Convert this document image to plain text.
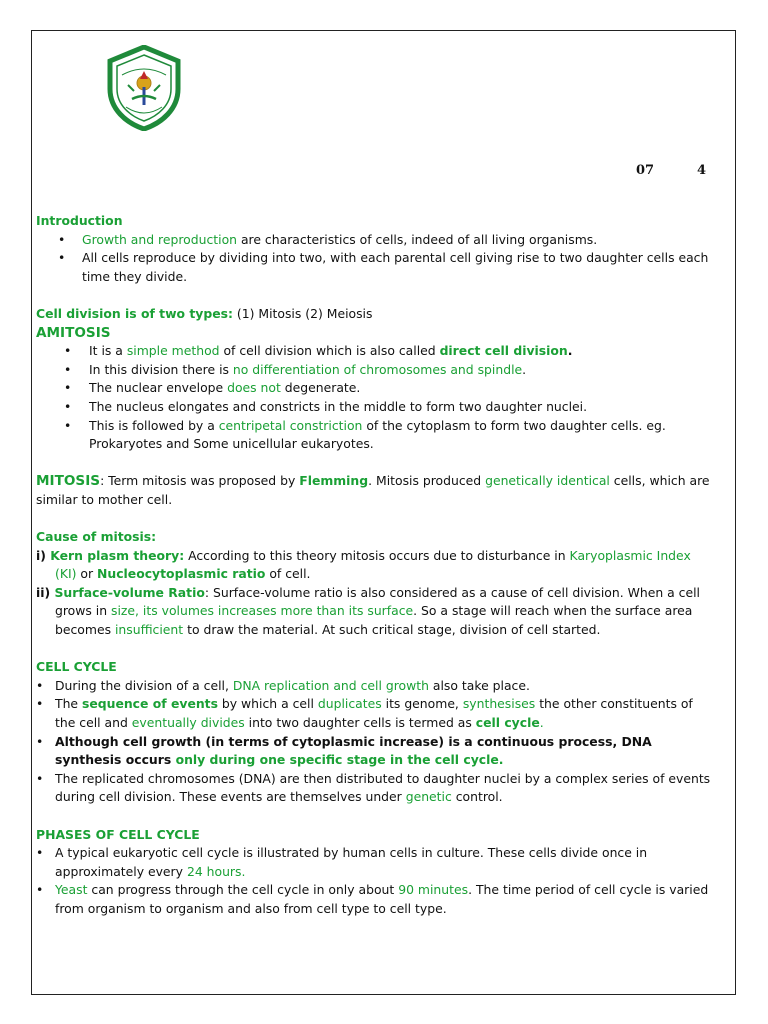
07	4
Introduction
• Growth and reproduction are characteristics of cells, indeed of all living organisms.
• All cells reproduce by dividing into two, with each parental cell giving rise to two daughter cells each time they divide.
Cell division is of two types: (1) Mitosis (2) Meiosis
AMITOSIS
• It is a simple method of cell division which is also called direct cell division.
• In this division there is no differentiation of chromosomes and spindle.
• The nuclear envelope does not degenerate.
• The nucleus elongates and constricts in the middle to form two daughter nuclei.
• This is followed by a centripetal constriction of the cytoplasm to form two daughter cells. eg. Prokaryotes and Some unicellular eukaryotes.
MITOSIS: Term mitosis was proposed by Flemming. Mitosis produced genetically identical cells, which are similar to mother cell.
Cause of mitosis:
i) Kern plasm theory: According to this theory mitosis occurs due to disturbance in Karyoplasmic Index (KI) or Nucleocytoplasmic ratio of cell.
ii) Surface-volume Ratio: Surface-volume ratio is also considered as a cause of cell division. When a cell grows in size, its volumes increases more than its surface. So a stage will reach when the surface area becomes insufficient to draw the material. At such critical stage, division of cell started.
CELL CYCLE
• During the division of a cell, DNA replication and cell growth also take place.
• The sequence of events by which a cell duplicates its genome, synthesises the other constituents of the cell and eventually divides into two daughter cells is termed as cell cycle.
• Although cell growth (in terms of cytoplasmic increase) is a continuous process, DNA synthesis occurs only during one specific stage in the cell cycle.
• The replicated chromosomes (DNA) are then distributed to daughter nuclei by a complex series of events during cell division. These events are themselves under genetic control.
PHASES OF CELL CYCLE
• A typical eukaryotic cell cycle is illustrated by human cells in culture. These cells divide once in approximately every 24 hours.
• Yeast can progress through the cell cycle in only about 90 minutes. The time period of cell cycle is varied from organism to organism and also from cell type to cell type.
